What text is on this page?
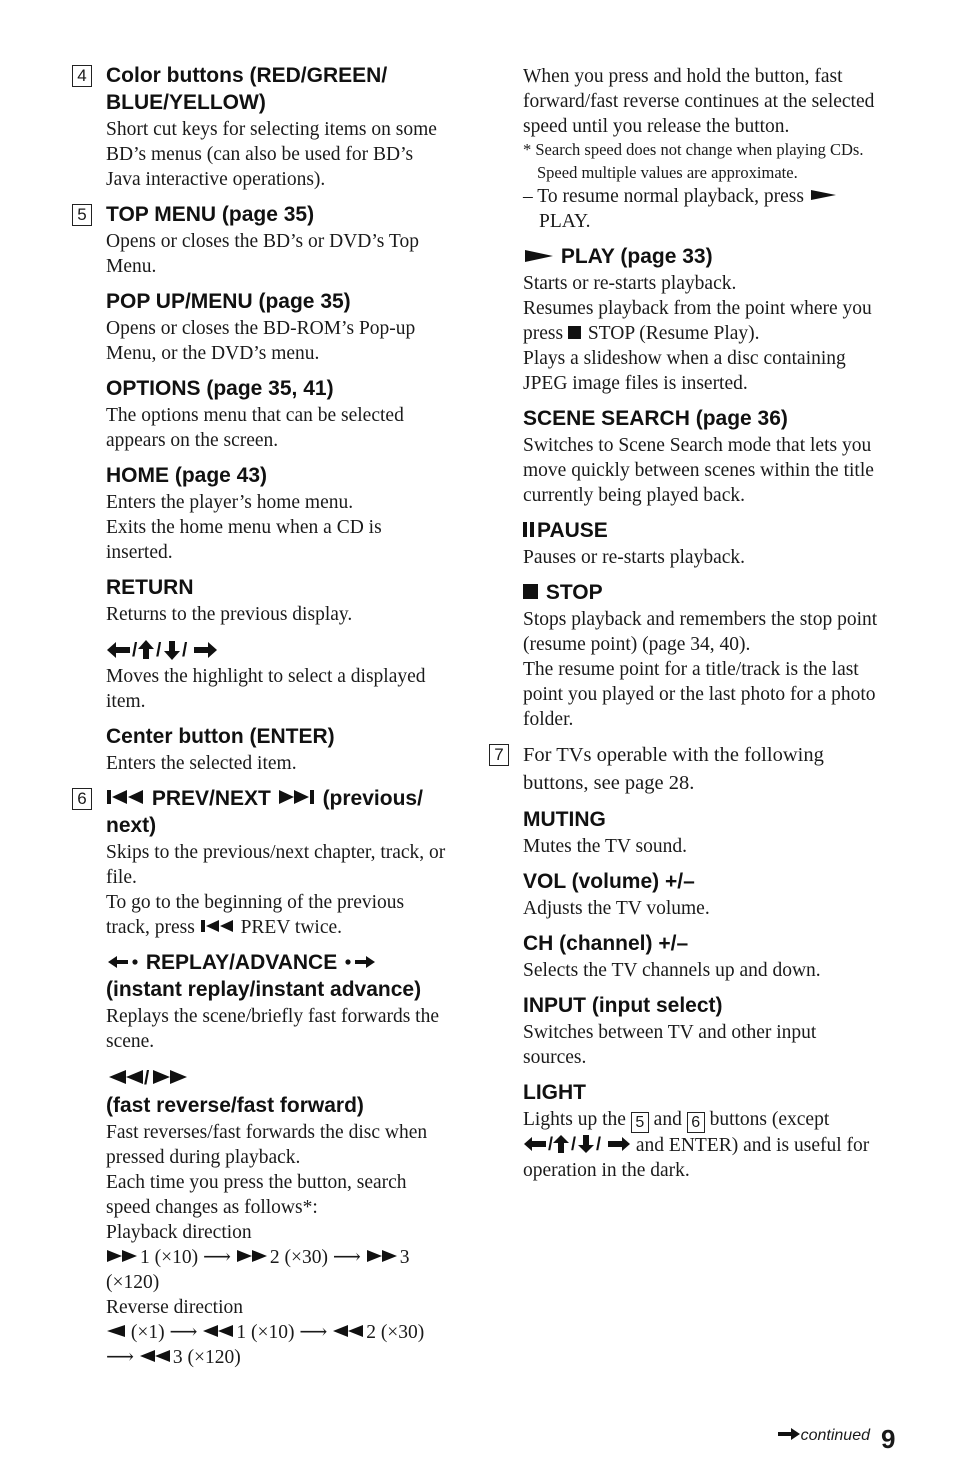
4 Color buttons (RED/GREEN/ BLUE/YELLOW)

Short cut keys for selecting items on some BD’s menus (can also be used for BD’s Java interactive operations).

5 TOP MENU (page 35)

Opens or closes the BD’s or DVD’s Top Menu.

POP UP/MENU (page 35)

Opens or closes the BD-ROM’s Pop-up Menu, or the DVD’s menu.

OPTIONS (page 35, 41)

The options menu that can be selected appears on the screen.

HOME (page 43)

Enters the player’s home menu.

Exits the home menu when a CD is inserted.

RETURN

Returns to the previous display.

/ / /

Moves the highlight to select a displayed item.

Center button (ENTER)

Enters the selected item.

6	PREV/NEXT (previous/ next)

Skips to the previous/next chapter, track, or file.

To go to the beginning of the previous track, press PREV twice.

REPLAY/ADVANCE
(instant replay/instant advance)

Replays the scene/briefly fast forwards the scene.

/
(fast reverse/fast forward)

Fast reverses/fast forwards the disc when pressed during playback.

Each time you press the button, search speed changes as follows*:

Playback direction

1 (×10) ⟶ 2 (×30) ⟶ 3
(×120)

Reverse direction

(×1) ⟶ 1 (×10) ⟶ 2 (×30)
⟶ 3 (×120)

When you press and hold the button, fast forward/fast reverse continues at the selected speed until you release the button.

* Search speed does not change when playing CDs.

Speed multiple values are approximate.

– To resume normal playback, press  PLAY.

PLAY (page 33)

Starts or re-starts playback.

Resumes playback from the point where you press STOP (Resume Play).

Plays a slideshow when a disc containing JPEG image files is inserted.

SCENE SEARCH (page 36)

Switches to Scene Search mode that lets you move quickly between scenes within the title currently being played back.

PAUSE

Pauses or re-starts playback.

STOP

Stops playback and remembers the stop point (resume point) (page 34, 40).

The resume point for a title/track is the last point you played or the last photo for a photo folder.

7 For TVs operable with the following buttons, see page 28.

MUTING

Mutes the TV sound.

VOL (volume) +/–

Adjusts the TV volume.

CH (channel) +/–

Selects the TV channels up and down.

INPUT (input select)

Switches between TV and other input sources.

LIGHT

Lights up the 5 and 6 buttons (except

/ / / and ENTER) and is useful for operation in the dark.

continued 9
